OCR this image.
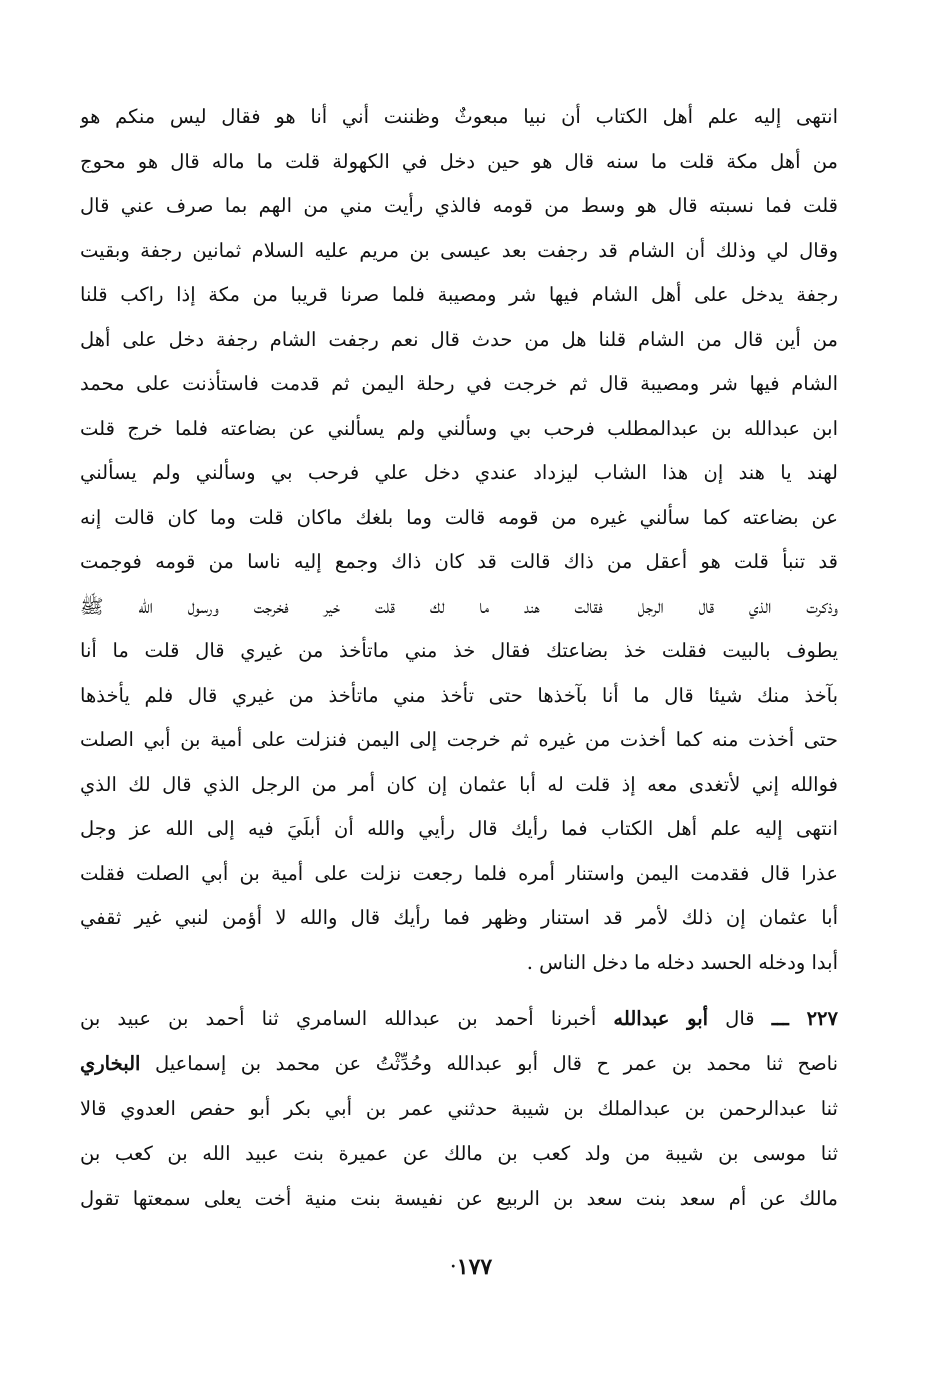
انتهى إليه علم أهل الكتاب أن نبيا مبعوثٌ وظننت أني أنا هو فقال ليس منكم هو
من أهل مكة قلت ما سنه قال هو حين دخل في الكهولة قلت ما ماله قال هو محوج
قلت فما نسبته قال هو وسط من قومه فالذي رأيت مني من الهم بما صرف عني قال
وقال لي وذلك أن الشام قد رجفت بعد عيسى بن مريم عليه السلام ثمانين رجفة وبقيت
رجفة يدخل على أهل الشام فيها شر ومصيبة فلما صرنا قريبا من مكة إذا راكب قلنا
من أين قال من الشام قلنا هل من حدث قال نعم رجفت الشام رجفة دخل على أهل
الشام فيها شر ومصيبة قال ثم خرجت في رحلة اليمن ثم قدمت فاستأذنت على محمد
ابن عبدالله بن عبدالمطلب فرحب بي وسألني ولم يسألني عن بضاعته فلما خرج قلت
لهند يا هند إن هذا الشاب ليزداد عندي دخل علي فرحب بي وسألني ولم يسألني
عن بضاعته كما سألني غيره من قومه قالت وما بلغك ماكان قلت وما كان قالت إنه
قد تنبأ قلت هو أعقل من ذاك قالت قد كان ذاك وجمع إليه ناسا من قومه فوجمت
وذكرت الذي قال الرجل فقالت هند ما لك قلت خير فخرجت ورسول الله ﷺ
يطوف بالبيت فقلت خذ بضاعتك فقال خذ مني ماتأخذ من غيري قال قلت ما أنا
بآخذ منك شيئا قال ما أنا بآخذها حتى تأخذ مني ماتأخذ من غيري قال فلم يأخذها
حتى أخذت منه كما أخذت من غيره ثم خرجت إلى اليمن فنزلت على أمية بن أبي الصلت
فوالله إني لأتغدى معه إذ قلت له أبا عثمان إن كان أمر من الرجل الذي قال لك الذي
انتهى إليه علم أهل الكتاب فما رأيك قال رأيي والله أن أبلَيَ فيه إلى الله عز وجل
عذرا قال فقدمت اليمن واستنار أمره فلما رجعت نزلت على أمية بن أبي الصلت فقلت
أبا عثمان إن ذلك لأمر قد استنار وظهر فما رأيك قال والله لا أؤمن لنبي غير ثقفي
أبدا ودخله الحسد دخله ما دخل الناس .
٢٢٧ ـــ قال أبو عبدالله أخبرنا أحمد بن عبدالله السامري ثنا أحمد بن عبيد بن
ناصح ثنا محمد بن عمر ح قال أبو عبدالله وحُدِّثْتُ عن محمد بن إسماعيل البخاري
ثنا عبدالرحمن بن عبدالملك بن شيبة حدثني عمر بن أبي بكر أبو حفص العدوي قالا
ثنا موسى بن شيبة من ولد كعب بن مالك عن عميرة بنت عبيد الله بن كعب بن
مالك عن أم سعد بنت سعد بن الربيع عن نفيسة بنت منية أخت يعلى سمعتها تقول
١٧٧·
